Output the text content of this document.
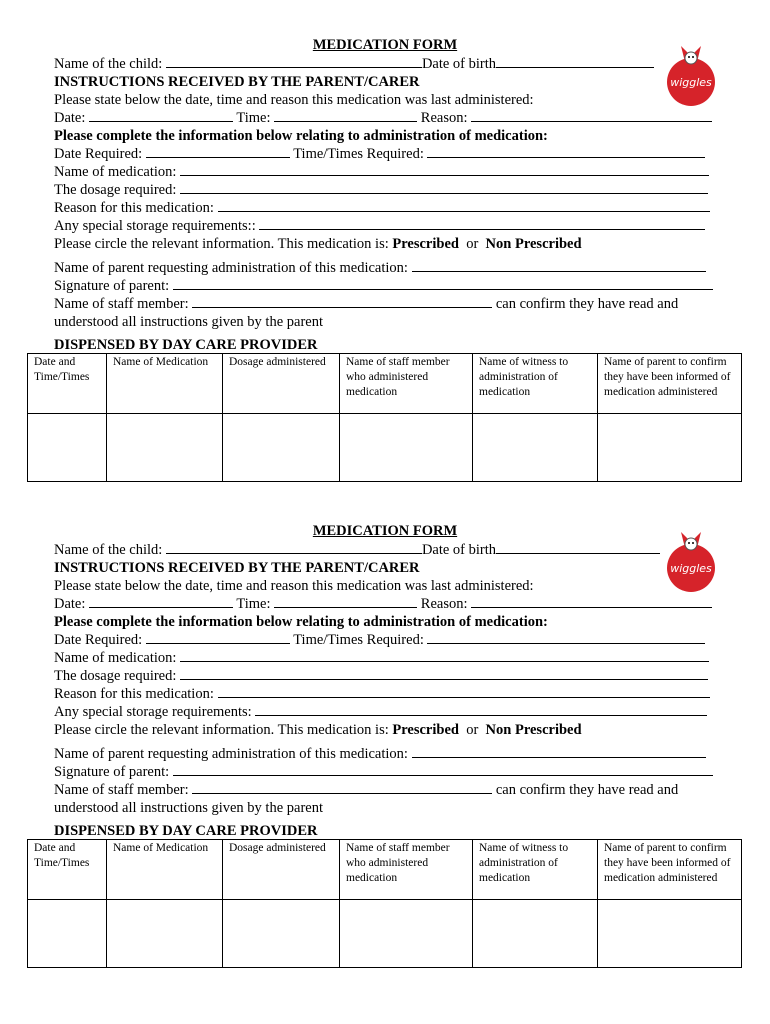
MEDICATION FORM
wiggles
Name of the child:	Date of birth
INSTRUCTIONS RECEIVED BY THE PARENT/CARER
Please state below the date, time and reason this medication was last administered:
Date:	Time:	Reason:
Please complete the information below relating to administration of medication:
Date Required:	Time/Times Required:
Name of medication:
The dosage required:
Reason for this medication:
Any special storage requirements::
Please circle the relevant information. This medication is: Prescribed or Non Prescribed
Name of parent requesting administration of this medication:
Signature of parent:
Name of staff member:	can confirm they have read and
understood all instructions given by the parent
DISPENSED BY DAY CARE PROVIDER
Date and Time/Times	Name of Medication	Dosage administered	Name of staff member who administered medication	Name of witness to administration of medication	Name of parent to confirm they have been informed of medication administered

MEDICATION FORM
wiggles
Name of the child:	Date of birth
INSTRUCTIONS RECEIVED BY THE PARENT/CARER
Please state below the date, time and reason this medication was last administered:
Date:	Time:	Reason:
Please complete the information below relating to administration of medication:
Date Required:	Time/Times Required:
Name of medication:
The dosage required:
Reason for this medication:
Any special storage requirements:
Please circle the relevant information. This medication is: Prescribed or Non Prescribed
Name of parent requesting administration of this medication:
Signature of parent:
Name of staff member:	can confirm they have read and
understood all instructions given by the parent
DISPENSED BY DAY CARE PROVIDER
Date and Time/Times	Name of Medication	Dosage administered	Name of staff member who administered medication	Name of witness to administration of medication	Name of parent to confirm they have been informed of medication administered
